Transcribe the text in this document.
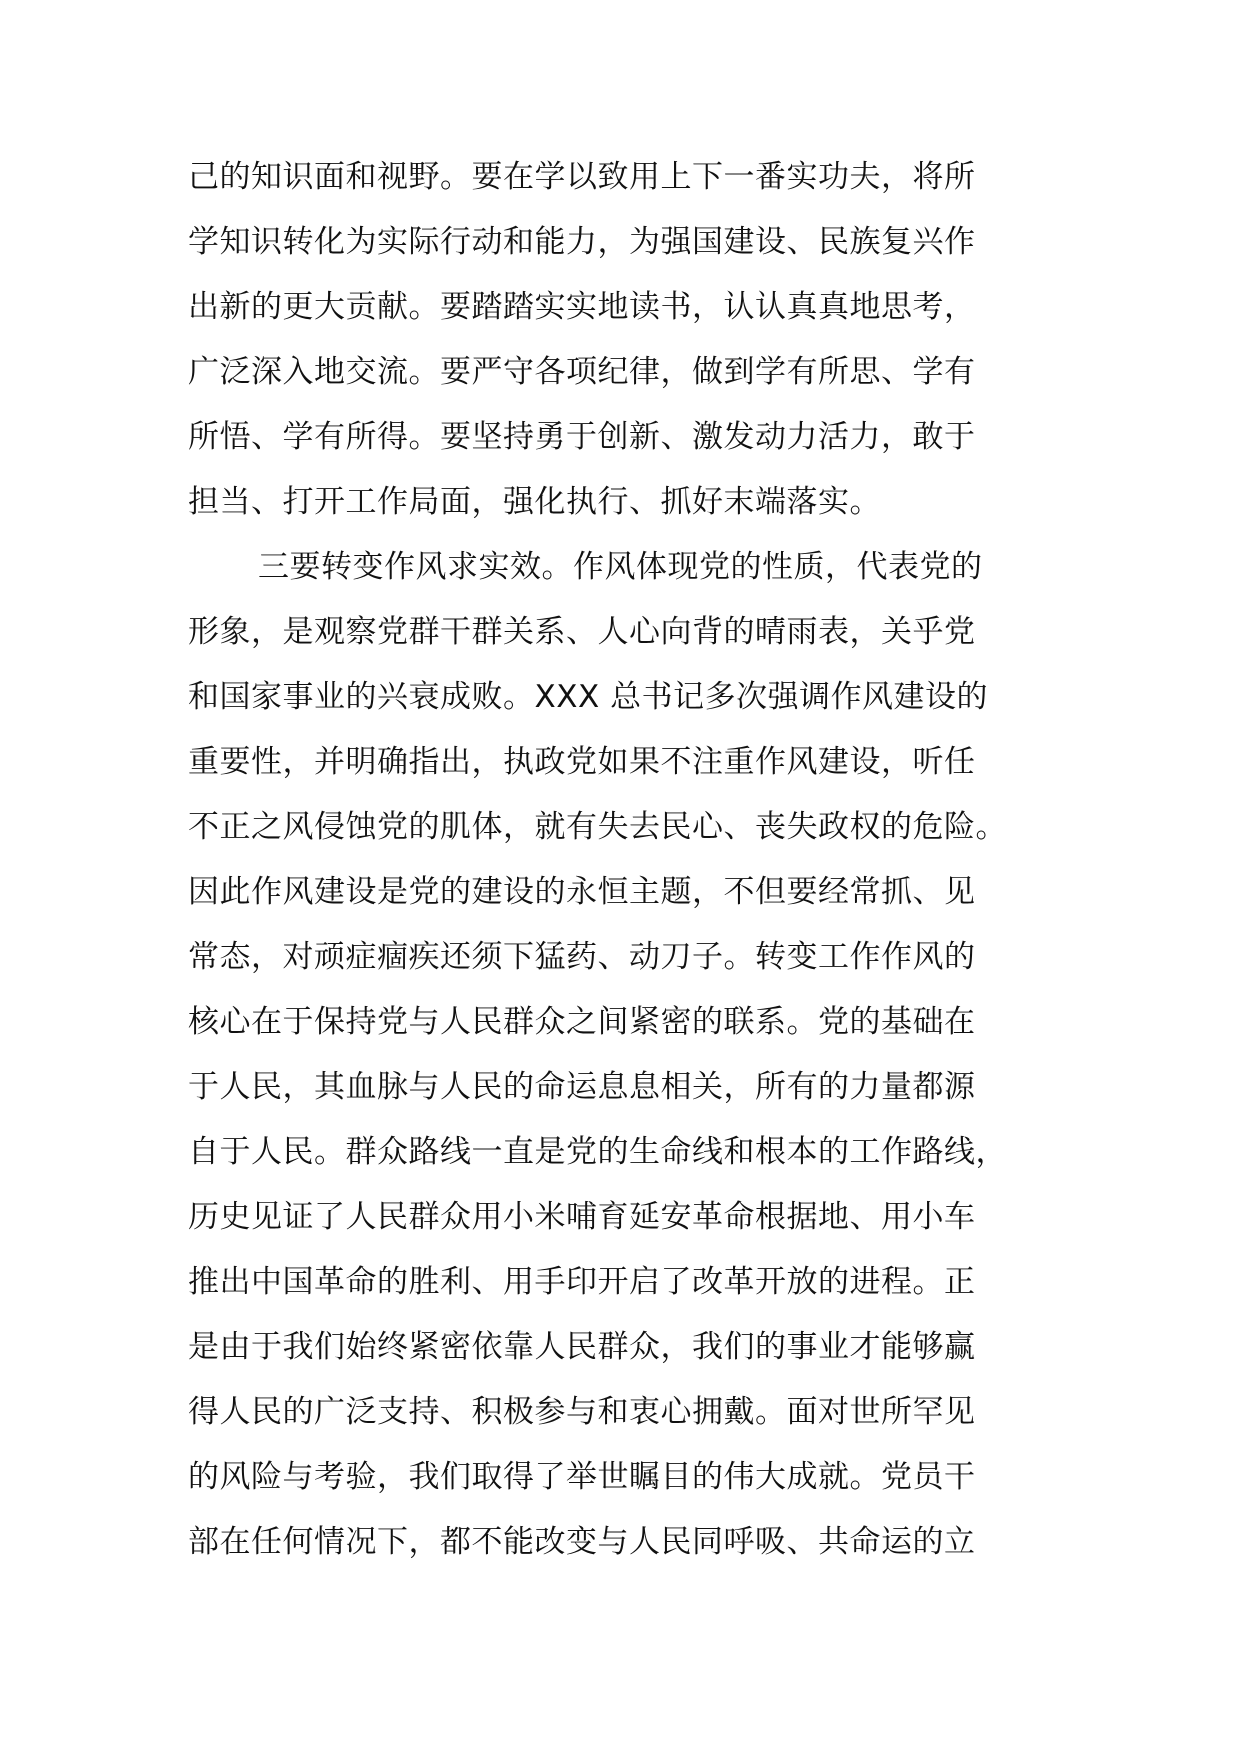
己的知识面和视野。要在学以致用上下一番实功夫，将所
学知识转化为实际行动和能力，为强国建设、民族复兴作
出新的更大贡献。要踏踏实实地读书，认认真真地思考，
广泛深入地交流。要严守各项纪律，做到学有所思、学有
所悟、学有所得。要坚持勇于创新、激发动力活力，敢于
担当、打开工作局面，强化执行、抓好末端落实。
三要转变作风求实效。作风体现党的性质，代表党的
形象，是观察党群干群关系、人心向背的晴雨表，关乎党
和国家事业的兴衰成败。XXX 总书记多次强调作风建设的
重要性，并明确指出，执政党如果不注重作风建设，听任
不正之风侵蚀党的肌体，就有失去民心、丧失政权的危险。
因此作风建设是党的建设的永恒主题，不但要经常抓、见
常态，对顽症痼疾还须下猛药、动刀子。转变工作作风的
核心在于保持党与人民群众之间紧密的联系。党的基础在
于人民，其血脉与人民的命运息息相关，所有的力量都源
自于人民。群众路线一直是党的生命线和根本的工作路线，
历史见证了人民群众用小米哺育延安革命根据地、用小车
推出中国革命的胜利、用手印开启了改革开放的进程。正
是由于我们始终紧密依靠人民群众，我们的事业才能够赢
得人民的广泛支持、积极参与和衷心拥戴。面对世所罕见
的风险与考验，我们取得了举世瞩目的伟大成就。党员干
部在任何情况下，都不能改变与人民同呼吸、共命运的立
